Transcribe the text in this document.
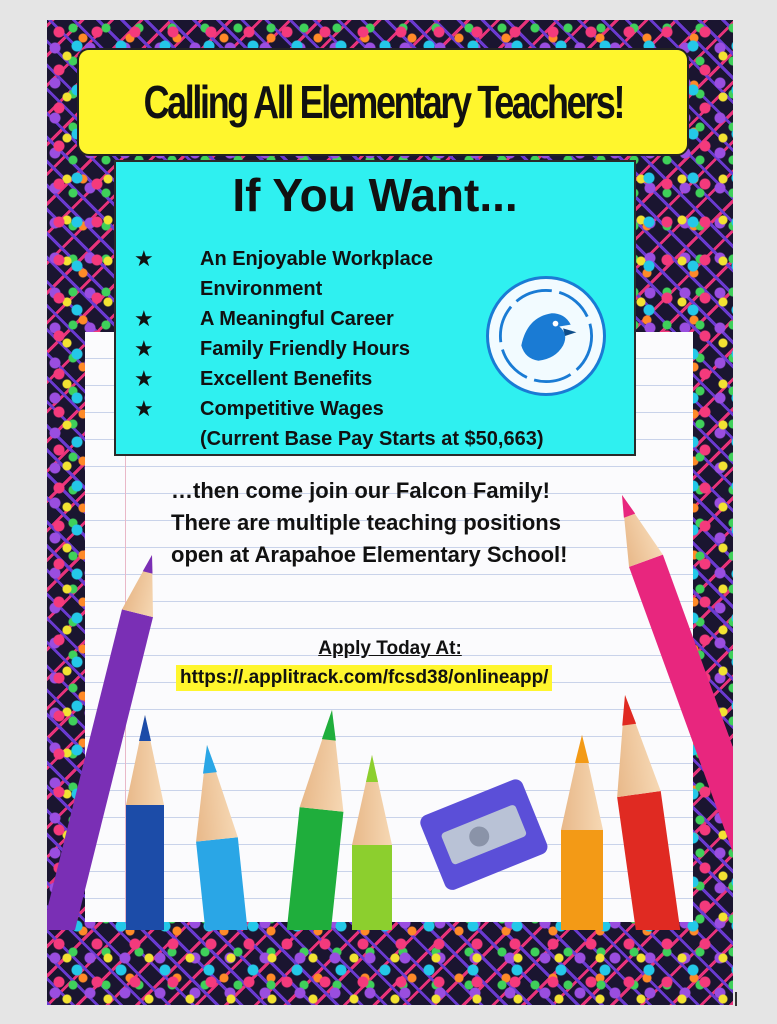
Calling All Elementary Teachers!
If You Want...
★	An Enjoyable Workplace Environment
★	A Meaningful Career
★	Family Friendly Hours
★	Excellent Benefits
★	Competitive Wages
(Current Base Pay Starts at $50,663)
…then come join our Falcon Family! There are multiple teaching positions open at Arapahoe Elementary School!
Apply Today At:
https://.applitrack.com/fcsd38/onlineapp/
